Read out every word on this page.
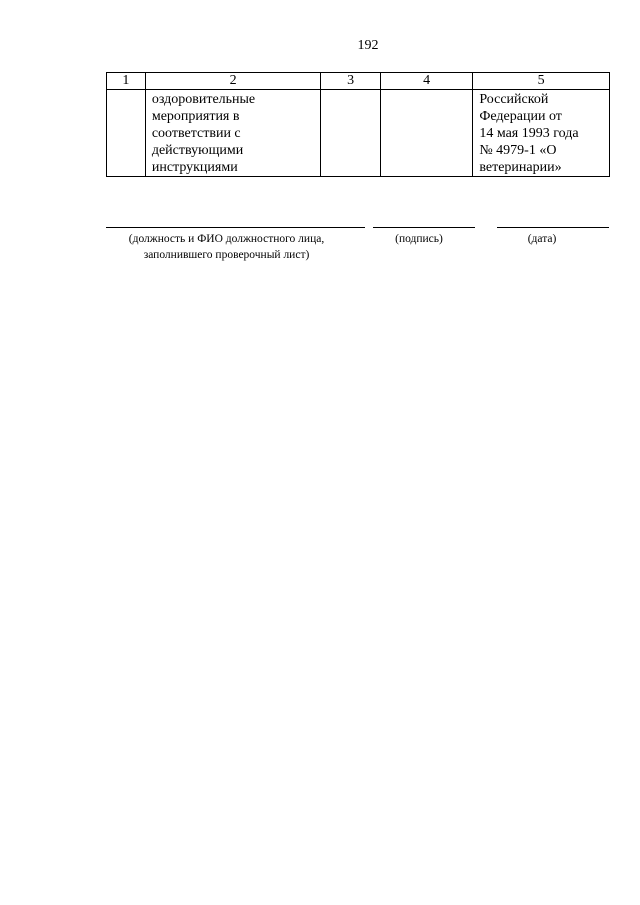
192
1	2	3	4	5
	оздоровительные
мероприятия в
соответствии с
действующими
инструкциями			Российской
Федерации от
14 мая 1993 года
№ 4979-1 «О
ветеринарии»
(должность и ФИО должностного лица,
заполнившего проверочный лист)
(подпись)	(дата)
